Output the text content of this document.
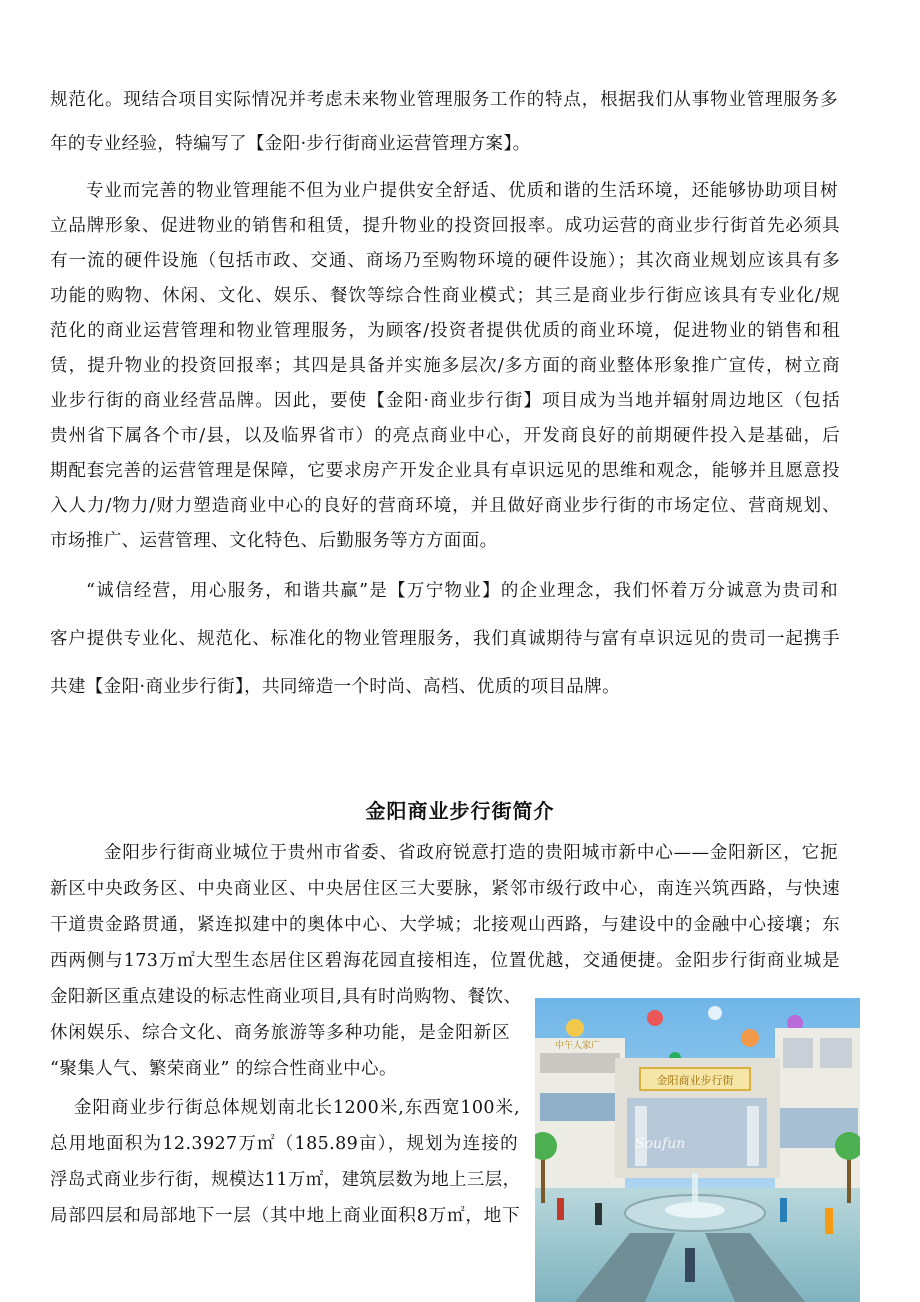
规范化。现结合项目实际情况并考虑未来物业管理服务工作的特点，根据我们从事物业管理服务多
年的专业经验，特编写了【金阳·步行街商业运营管理方案】。
专业而完善的物业管理能不但为业户提供安全舒适、优质和谐的生活环境，还能够协助项目树
立品牌形象、促进物业的销售和租赁，提升物业的投资回报率。成功运营的商业步行街首先必须具
有一流的硬件设施（包括市政、交通、商场乃至购物环境的硬件设施）；其次商业规划应该具有多
功能的购物、休闲、文化、娱乐、餐饮等综合性商业模式；其三是商业步行街应该具有专业化/规
范化的商业运营管理和物业管理服务，为顾客/投资者提供优质的商业环境，促进物业的销售和租
赁，提升物业的投资回报率；其四是具备并实施多层次/多方面的商业整体形象推广宣传，树立商
业步行街的商业经营品牌。因此，要使【金阳·商业步行街】项目成为当地并辐射周边地区（包括
贵州省下属各个市/县，以及临界省市）的亮点商业中心，开发商良好的前期硬件投入是基础，后
期配套完善的运营管理是保障，它要求房产开发企业具有卓识远见的思维和观念，能够并且愿意投
入人力/物力/财力塑造商业中心的良好的营商环境，并且做好商业步行街的市场定位、营商规划、
市场推广、运营管理、文化特色、后勤服务等方方面面。
“诚信经营，用心服务，和谐共赢”是【万宁物业】的企业理念，我们怀着万分诚意为贵司和
客户提供专业化、规范化、标准化的物业管理服务，我们真诚期待与富有卓识远见的贵司一起携手
共建【金阳·商业步行街】，共同缔造一个时尚、高档、优质的项目品牌。
金阳商业步行街简介
金阳步行街商业城位于贵州市省委、省政府锐意打造的贵阳城市新中心——金阳新区，它扼
新区中央政务区、中央商业区、中央居住区三大要脉，紧邻市级行政中心，南连兴筑西路，与快速
干道贵金路贯通，紧连拟建中的奥体中心、大学城；北接观山西路，与建设中的金融中心接壤；东
西两侧与173万㎡大型生态居住区碧海花园直接相连，位置优越，交通便捷。金阳步行街商业城是
金阳新区重点建设的标志性商业项目,具有时尚购物、餐饮、
休闲娱乐、综合文化、商务旅游等多种功能，是金阳新区
“聚集人气、繁荣商业” 的综合性商业中心。
金阳商业步行街总体规划南北长1200米,东西宽100米,
总用地面积为12.3927万㎡（185.89亩），规划为连接的
浮岛式商业步行街，规模达11万㎡，建筑层数为地上三层，
局部四层和局部地下一层（其中地上商业面积8万㎡，地下
金阳商业步行街
中午人家广
Soufun
